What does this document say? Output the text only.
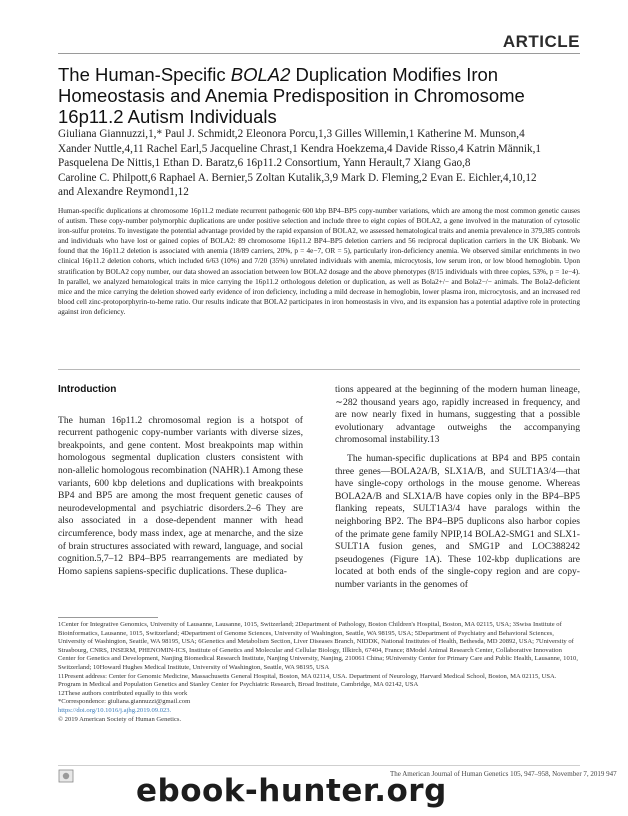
ARTICLE
The Human-Specific BOLA2 Duplication Modifies Iron Homeostasis and Anemia Predisposition in Chromosome 16p11.2 Autism Individuals

Giuliana Giannuzzi,1,* Paul J. Schmidt,2 Eleonora Porcu,1,3 Gilles Willemin,1 Katherine M. Munson,4

Xander Nuttle,4,11 Rachel Earl,5 Jacqueline Chrast,1 Kendra Hoekzema,4 Davide Risso,4 Katrin Männik,1

Pasquelena De Nittis,1 Ethan D. Baratz,6 16p11.2 Consortium, Yann Herault,7 Xiang Gao,8

Caroline C. Philpott,6 Raphael A. Bernier,5 Zoltan Kutalik,3,9 Mark D. Fleming,2 Evan E. Eichler,4,10,12

and Alexandre Reymond1,12

Human-specific duplications at chromosome 16p11.2 mediate recurrent pathogenic 600 kbp BP4–BP5 copy-number variations, which are among the most common genetic causes of autism. These copy-number polymorphic duplications are under positive selection and include three to eight copies of BOLA2, a gene involved in the maturation of cytosolic iron-sulfur proteins. To investigate the potential advantage provided by the rapid expansion of BOLA2, we assessed hematological traits and anemia prevalence in 379,385 controls and individuals who have lost or gained copies of BOLA2: 89 chromosome 16p11.2 BP4–BP5 deletion carriers and 56 reciprocal duplication carriers in the UK Biobank. We found that the 16p11.2 deletion is associated with anemia (18/89 carriers, 20%, p = 4e−7, OR = 5), particularly iron-deficiency anemia. We observed similar enrichments in two clinical 16p11.2 deletion cohorts, which included 6/63 (10%) and 7/20 (35%) unrelated individuals with anemia, microcytosis, low serum iron, or low blood hemoglobin. Upon stratification by BOLA2 copy number, our data showed an association between low BOLA2 dosage and the above phenotypes (8/15 individuals with three copies, 53%, p = 1e−4). In parallel, we analyzed hematological traits in mice carrying the 16p11.2 orthologous deletion or duplication, as well as Bola2+/− and Bola2−/− animals. The Bola2-deficient mice and the mice carrying the deletion showed early evidence of iron deficiency, including a mild decrease in hemoglobin, lower plasma iron, microcytosis, and an increased red blood cell zinc-protoporphyrin-to-heme ratio. Our results indicate that BOLA2 participates in iron homeostasis in vivo, and its expansion has a potential adaptive role in protecting against iron deficiency.

Introduction

The human 16p11.2 chromosomal region is a hotspot of recurrent pathogenic copy-number variants with diverse sizes, breakpoints, and gene content. Most breakpoints map within homologous segmental duplication clusters consistent with non-allelic homologous recombination (NAHR).1 Among these variants, 600 kbp deletions and duplications with breakpoints BP4 and BP5 are among the most frequent genetic causes of neurodevelopmental and psychiatric disorders.2–6 They are also associated in a dose-dependent manner with head circumference, body mass index, age at menarche, and the size of brain structures associated with reward, language, and social cognition.5,7–12 BP4–BP5 rearrangements are mediated by Homo sapiens sapiens-specific duplications. These duplica-

tions appeared at the beginning of the modern human lineage, ∼282 thousand years ago, rapidly increased in frequency, and are now nearly fixed in humans, suggesting that a possible evolutionary advantage outweighs the accompanying chromosomal instability.13

The human-specific duplications at BP4 and BP5 contain three genes—BOLA2A/B, SLX1A/B, and SULT1A3/4—that have single-copy orthologs in the mouse genome. Whereas BOLA2A/B and SLX1A/B have copies only in the BP4–BP5 flanking repeats, SULT1A3/4 have paralogs within the neighboring BP2. The BP4–BP5 duplicons also harbor copies of the primate gene family NPIP,14 BOLA2-SMG1 and SLX1-SULT1A fusion genes, and SMG1P and LOC388242 pseudogenes (Figure 1A). These 102-kbp duplications are located at both ends of the single-copy region and are copy-number variants in the genomes of

1Center for Integrative Genomics, University of Lausanne, Lausanne, 1015, Switzerland; 2Department of Pathology, Boston Children's Hospital, Boston, MA 02115, USA; 3Swiss Institute of Bioinformatics, Lausanne, 1015, Switzerland; 4Department of Genome Sciences, University of Washington, Seattle, WA 98195, USA; 5Department of Psychiatry and Behavioral Sciences, University of Washington, Seattle, WA 98195, USA; 6Genetics and Metabolism Section, Liver Diseases Branch, NIDDK, National Institutes of Health, Bethesda, MD 20892, USA; 7University of Strasbourg, CNRS, INSERM, PHENOMIN-ICS, Institute of Genetics and Molecular and Cellular Biology, Illkirch, 67404, France; 8Model Animal Research Center, Collaborative Innovation Center for Genetics and Development, Nanjing Biomedical Research Institute, Nanjing University, Nanjing, 210061 China; 9University Center for Primary Care and Public Health, Lausanne, 1010, Switzerland; 10Howard Hughes Medical Institute, University of Washington, Seattle, WA 98195, USA

11Present address: Center for Genomic Medicine, Massachusetts General Hospital, Boston, MA 02114, USA. Department of Neurology, Harvard Medical School, Boston, MA 02115, USA. Program in Medical and Population Genetics and Stanley Center for Psychiatric Research, Broad Institute, Cambridge, MA 02142, USA

12These authors contributed equally to this work

*Correspondence: giuliana.giannuzzi@gmail.com

https://doi.org/10.1016/j.ajhg.2019.09.023.

© 2019 American Society of Human Genetics.

The American Journal of Human Genetics 105, 947–958, November 7, 2019 947
ebook-hunter.org
